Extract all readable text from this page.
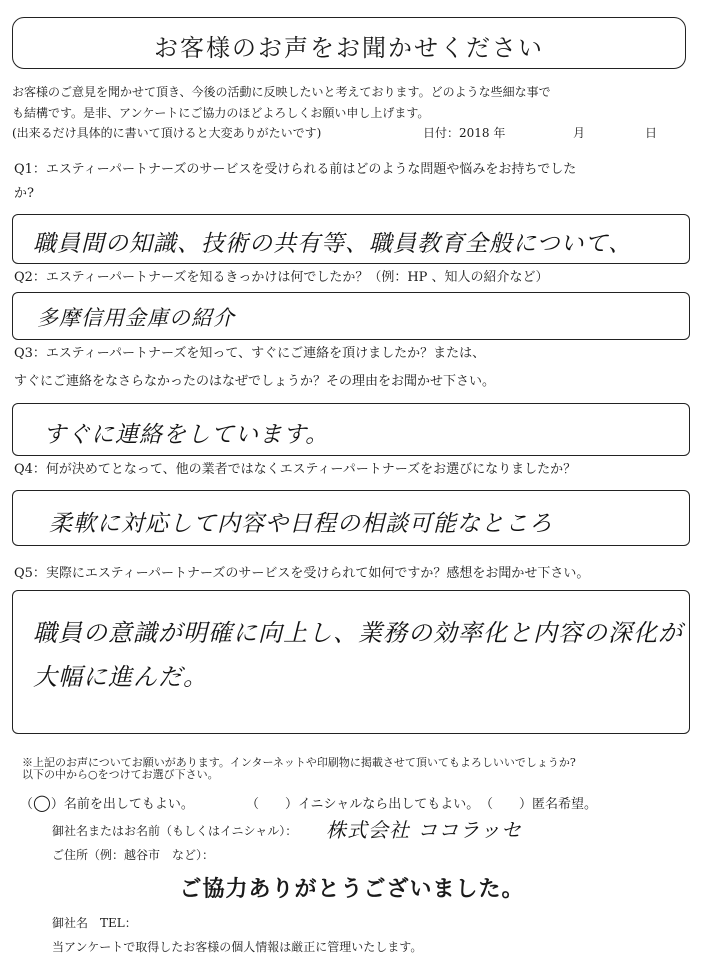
お客様のお声をお聞かせください
お客様のご意見を聞かせて頂き、今後の活動に反映したいと考えております。どのような些細な事で
も結構です。是非、アンケートにご協力のほどよろしくお願い申し上げます。
(出来るだけ具体的に書いて頂けると大変ありがたいです)	日付：2018 年	月	日
Q1：エスティーパートナーズのサービスを受けられる前はどのような問題や悩みをお持ちでした
か?
職員間の知識、技術の共有等、職員教育全般について、
Q2：エスティーパートナーズを知るきっかけは何でしたか？（例：HP 、知人の紹介など）
多摩信用金庫の紹介
Q3：エスティーパートナーズを知って、すぐにご連絡を頂けましたか？または、
すぐにご連絡をなさらなかったのはなぜでしょうか？その理由をお聞かせ下さい。
すぐに連絡をしています。
Q4：何が決めてとなって、他の業者ではなくエスティーパートナーズをお選びになりましたか？
柔軟に対応して内容や日程の相談可能なところ
Q5：実際にエスティーパートナーズのサービスを受けられて如何ですか？感想をお聞かせ下さい。
職員の意識が明確に向上し、業務の効率化と内容の深化が
大幅に進んだ。
※上記のお声についてお願いがあります。インターネットや印刷物に掲載させて頂いてもよろしいいでしょうか?
以下の中から○をつけてお選び下さい。
（◯）名前を出してもよい。	（　　）イニシャルなら出してもよい。 （　　）匿名希望。
御社名またはお名前（もしくはイニシャル）： 株式会社 ココラッセ
ご住所（例：越谷市　など）：
ご協力ありがとうございました。
御社名　TEL：
当アンケートで取得したお客様の個人情報は厳正に管理いたします。
